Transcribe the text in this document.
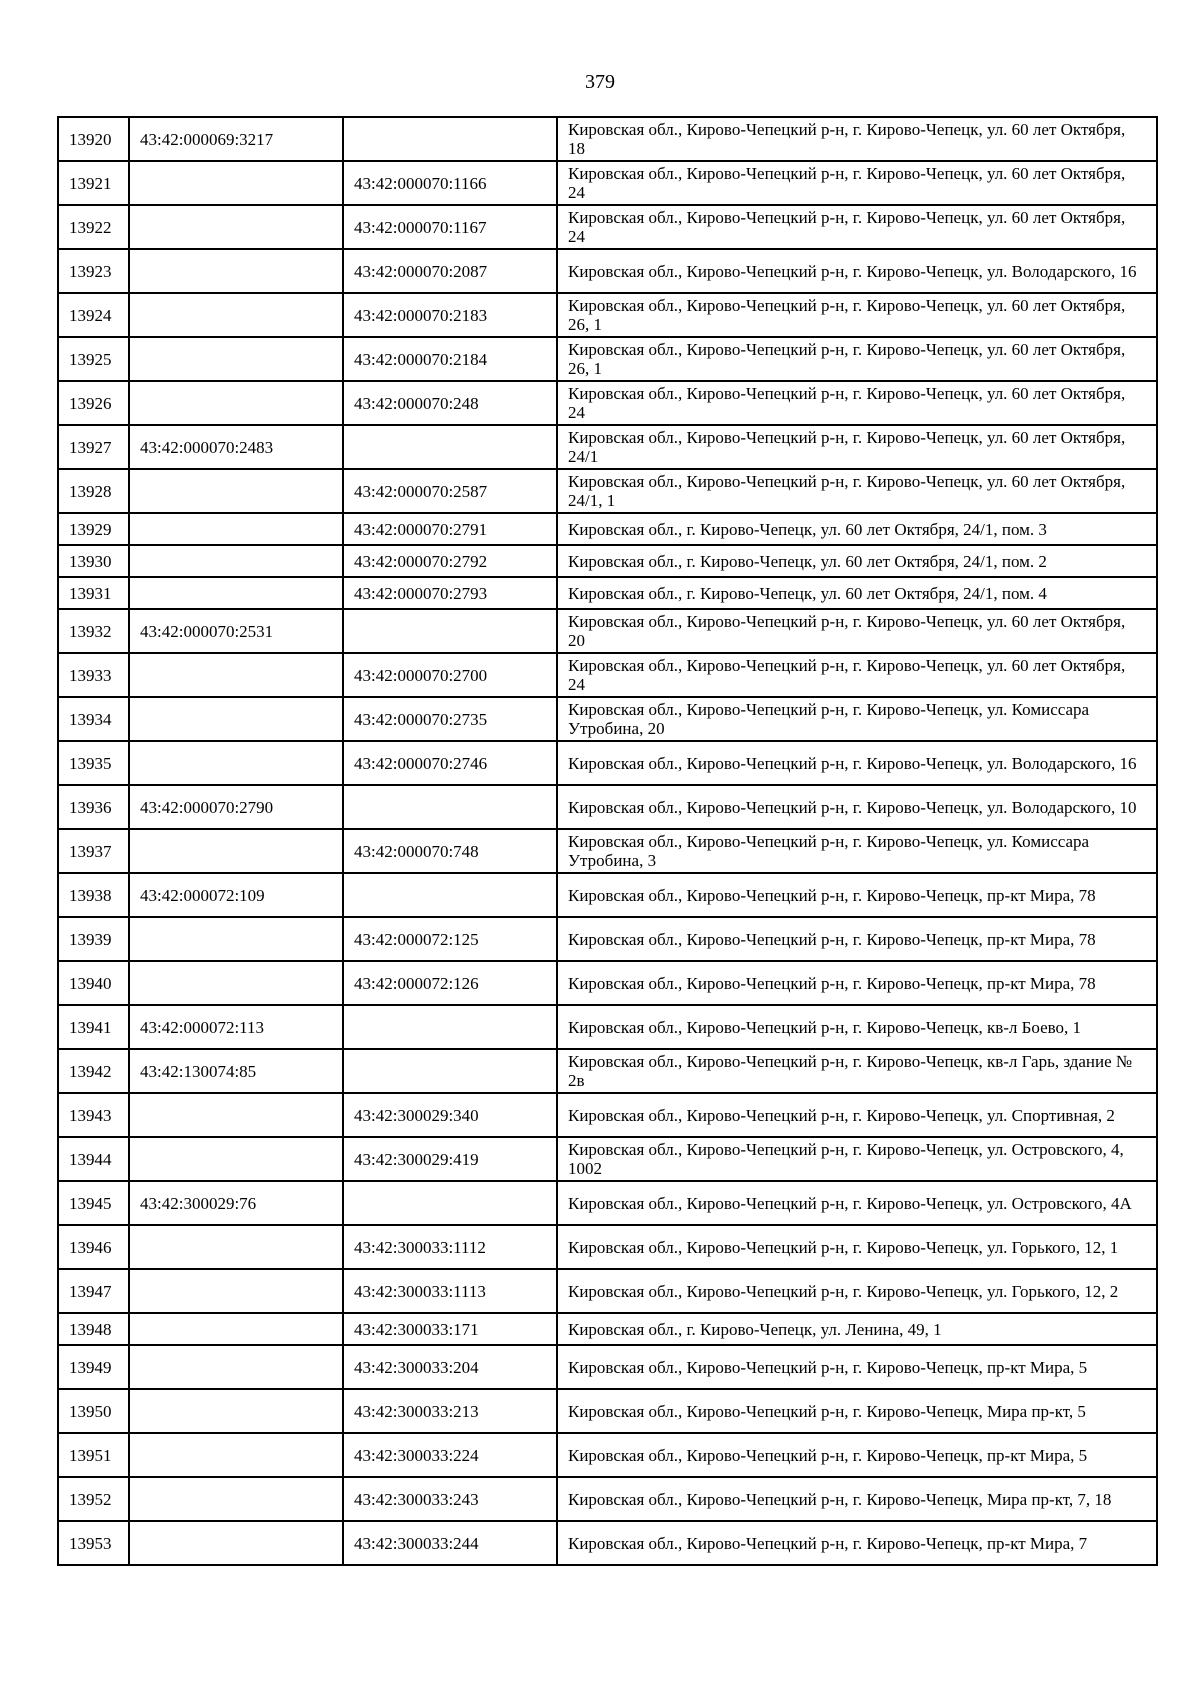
379
13920	43:42:000069:3217		Кировская обл., Кирово-Чепецкий р-н, г. Кирово-Чепецк, ул. 60 лет Октября, 18
13921		43:42:000070:1166	Кировская обл., Кирово-Чепецкий р-н, г. Кирово-Чепецк, ул. 60 лет Октября, 24
13922		43:42:000070:1167	Кировская обл., Кирово-Чепецкий р-н, г. Кирово-Чепецк, ул. 60 лет Октября, 24
13923		43:42:000070:2087	Кировская обл., Кирово-Чепецкий р-н, г. Кирово-Чепецк, ул. Володарского, 16
13924		43:42:000070:2183	Кировская обл., Кирово-Чепецкий р-н, г. Кирово-Чепецк, ул. 60 лет Октября, 26, 1
13925		43:42:000070:2184	Кировская обл., Кирово-Чепецкий р-н, г. Кирово-Чепецк, ул. 60 лет Октября, 26, 1
13926		43:42:000070:248	Кировская обл., Кирово-Чепецкий р-н, г. Кирово-Чепецк, ул. 60 лет Октября, 24
13927	43:42:000070:2483		Кировская обл., Кирово-Чепецкий р-н, г. Кирово-Чепецк, ул. 60 лет Октября, 24/1
13928		43:42:000070:2587	Кировская обл., Кирово-Чепецкий р-н, г. Кирово-Чепецк, ул. 60 лет Октября, 24/1, 1
13929		43:42:000070:2791	Кировская обл., г. Кирово-Чепецк, ул. 60 лет Октября, 24/1, пом. 3
13930		43:42:000070:2792	Кировская обл., г. Кирово-Чепецк, ул. 60 лет Октября, 24/1, пом. 2
13931		43:42:000070:2793	Кировская обл., г. Кирово-Чепецк, ул. 60 лет Октября, 24/1, пом. 4
13932	43:42:000070:2531		Кировская обл., Кирово-Чепецкий р-н, г. Кирово-Чепецк, ул. 60 лет Октября, 20
13933		43:42:000070:2700	Кировская обл., Кирово-Чепецкий р-н, г. Кирово-Чепецк, ул. 60 лет Октября, 24
13934		43:42:000070:2735	Кировская обл., Кирово-Чепецкий р-н, г. Кирово-Чепецк, ул. Комиссара Утробина, 20
13935		43:42:000070:2746	Кировская обл., Кирово-Чепецкий р-н, г. Кирово-Чепецк, ул. Володарского, 16
13936	43:42:000070:2790		Кировская обл., Кирово-Чепецкий р-н, г. Кирово-Чепецк, ул. Володарского, 10
13937		43:42:000070:748	Кировская обл., Кирово-Чепецкий р-н, г. Кирово-Чепецк, ул. Комиссара Утробина, 3
13938	43:42:000072:109		Кировская обл., Кирово-Чепецкий р-н, г. Кирово-Чепецк, пр-кт Мира, 78
13939		43:42:000072:125	Кировская обл., Кирово-Чепецкий р-н, г. Кирово-Чепецк, пр-кт Мира, 78
13940		43:42:000072:126	Кировская обл., Кирово-Чепецкий р-н, г. Кирово-Чепецк, пр-кт Мира, 78
13941	43:42:000072:113		Кировская обл., Кирово-Чепецкий р-н, г. Кирово-Чепецк, кв-л Боево, 1
13942	43:42:130074:85		Кировская обл., Кирово-Чепецкий р-н, г. Кирово-Чепецк, кв-л Гарь, здание № 2в
13943		43:42:300029:340	Кировская обл., Кирово-Чепецкий р-н, г. Кирово-Чепецк, ул. Спортивная, 2
13944		43:42:300029:419	Кировская обл., Кирово-Чепецкий р-н, г. Кирово-Чепецк, ул. Островского, 4, 1002
13945	43:42:300029:76		Кировская обл., Кирово-Чепецкий р-н, г. Кирово-Чепецк, ул. Островского, 4А
13946		43:42:300033:1112	Кировская обл., Кирово-Чепецкий р-н, г. Кирово-Чепецк, ул. Горького, 12, 1
13947		43:42:300033:1113	Кировская обл., Кирово-Чепецкий р-н, г. Кирово-Чепецк, ул. Горького, 12, 2
13948		43:42:300033:171	Кировская обл., г. Кирово-Чепецк, ул. Ленина, 49, 1
13949		43:42:300033:204	Кировская обл., Кирово-Чепецкий р-н, г. Кирово-Чепецк, пр-кт Мира, 5
13950		43:42:300033:213	Кировская обл., Кирово-Чепецкий р-н, г. Кирово-Чепецк, Мира пр-кт, 5
13951		43:42:300033:224	Кировская обл., Кирово-Чепецкий р-н, г. Кирово-Чепецк, пр-кт Мира, 5
13952		43:42:300033:243	Кировская обл., Кирово-Чепецкий р-н, г. Кирово-Чепецк, Мира пр-кт, 7, 18
13953		43:42:300033:244	Кировская обл., Кирово-Чепецкий р-н, г. Кирово-Чепецк, пр-кт Мира, 7
